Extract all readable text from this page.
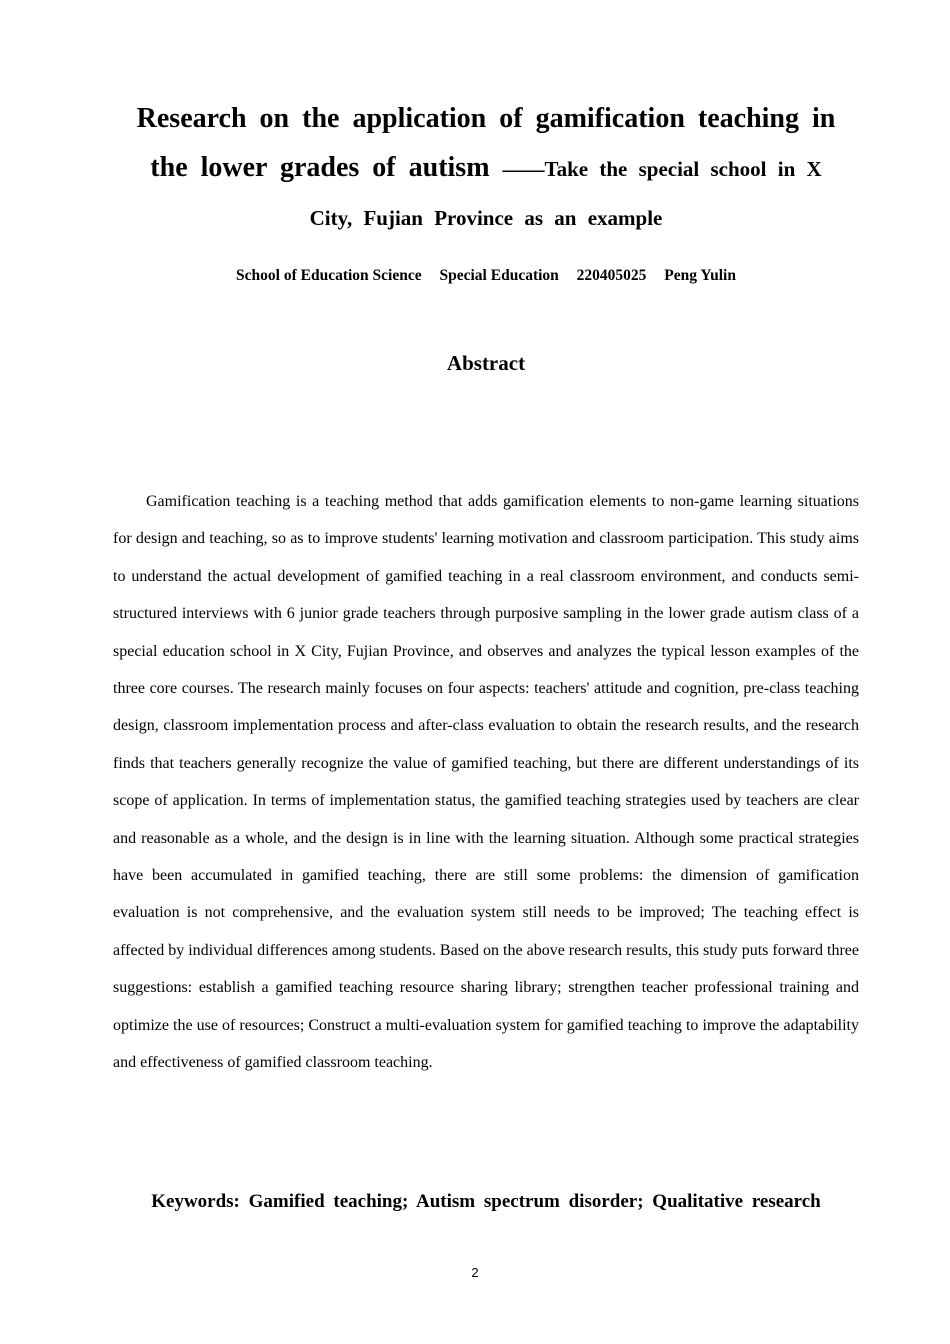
Research on the application of gamification teaching in
the lower grades of autism ——Take the special school in X
City, Fujian Province as an example
School of Education Science Special Education 220405025 Peng Yulin
Abstract

Gamification teaching is a teaching method that adds gamification elements to non-game learning situations for design and teaching, so as to improve students' learning motivation and classroom participation. This study aims to understand the actual development of gamified teaching in a real classroom environment, and conducts semi-structured interviews with 6 junior grade teachers through purposive sampling in the lower grade autism class of a special education school in X City, Fujian Province, and observes and analyzes the typical lesson examples of the three core courses. The research mainly focuses on four aspects: teachers' attitude and cognition, pre-class teaching design, classroom implementation process and after-class evaluation to obtain the research results, and the research finds that teachers generally recognize the value of gamified teaching, but there are different understandings of its scope of application. In terms of implementation status, the gamified teaching strategies used by teachers are clear and reasonable as a whole, and the design is in line with the learning situation. Although some practical strategies have been accumulated in gamified teaching, there are still some problems: the dimension of gamification evaluation is not comprehensive, and the evaluation system still needs to be improved; The teaching effect is affected by individual differences among students. Based on the above research results, this study puts forward three suggestions: establish a gamified teaching resource sharing library; strengthen teacher professional training and optimize the use of resources; Construct a multi-evaluation system for gamified teaching to improve the adaptability and effectiveness of gamified classroom teaching.

Keywords: Gamified teaching; Autism spectrum disorder; Qualitative research
2
